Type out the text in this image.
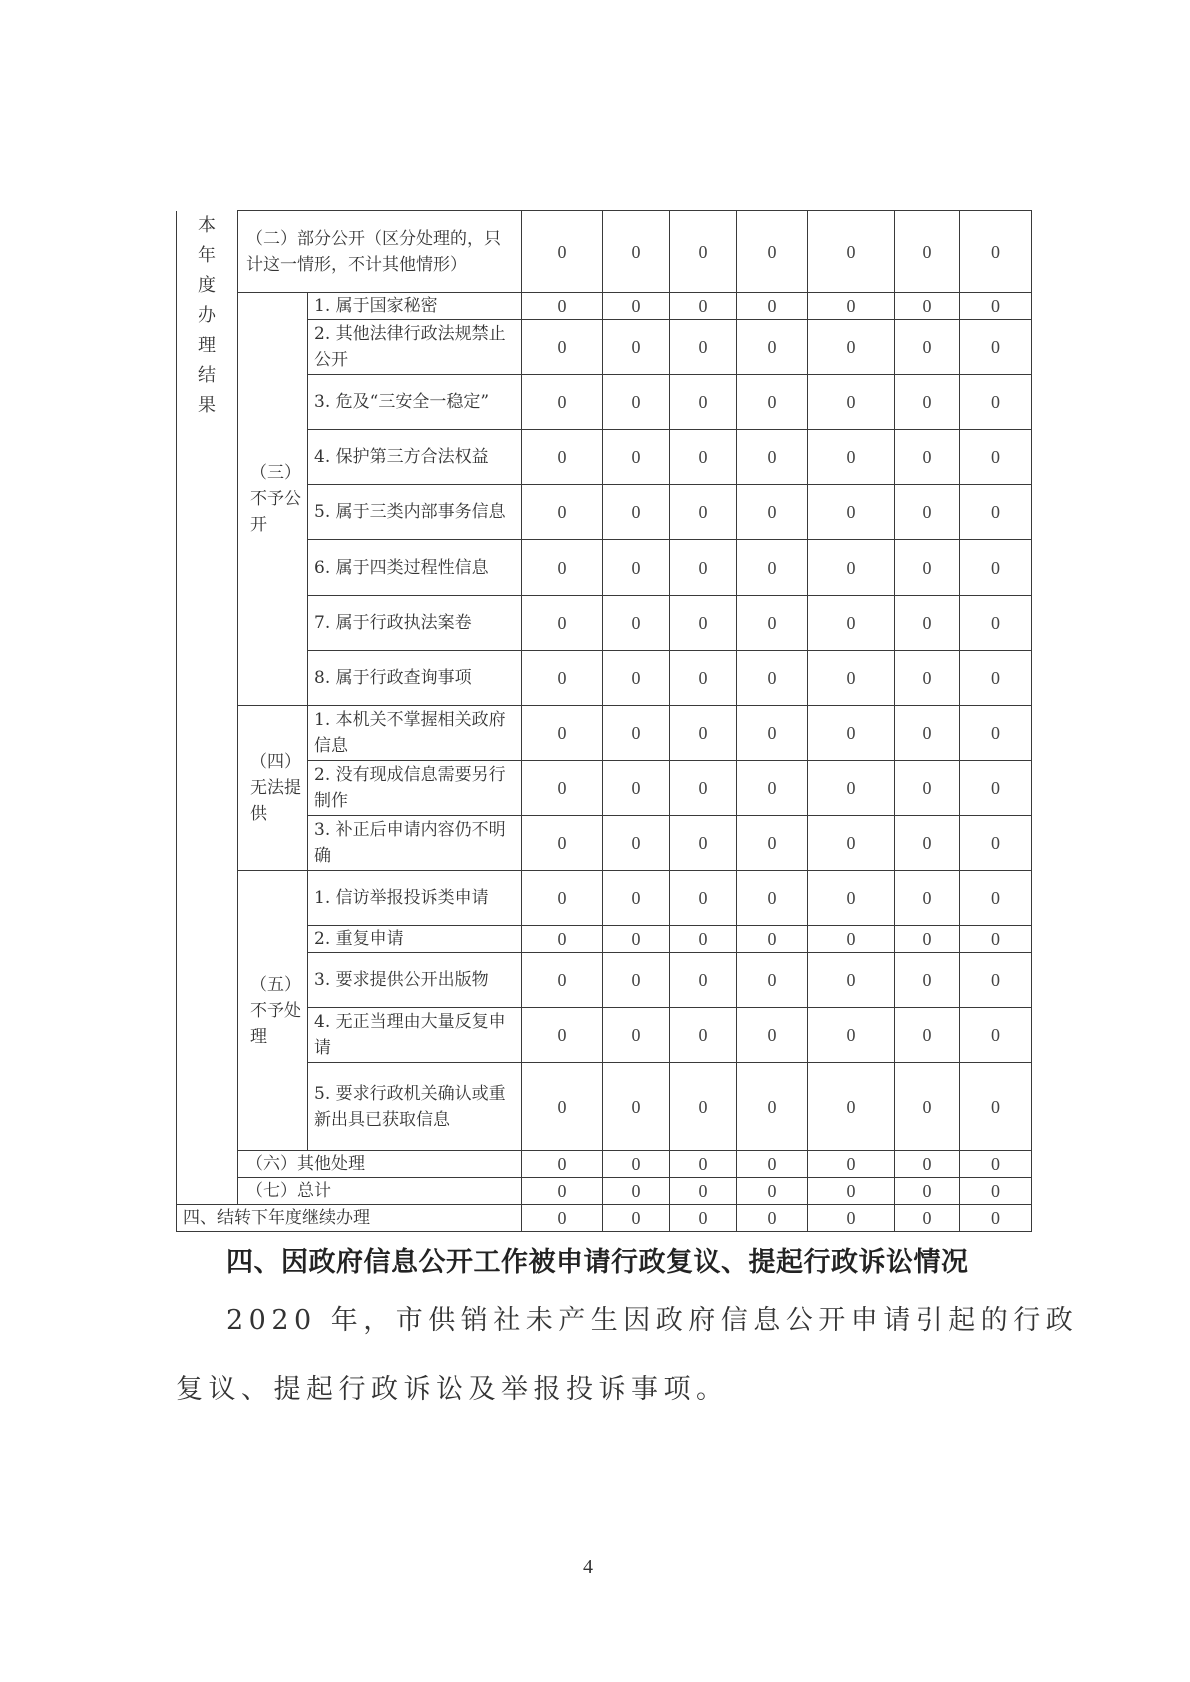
本年度办理结果	（二）部分公开（区分处理的，只计这一情形，不计其他情形）		0	0	0	0	0	0	0
	（三）不予公开	1. 属于国家秘密	0	0	0	0	0	0	0
		2. 其他法律行政法规禁止公开	0	0	0	0	0	0	0
		3. 危及“三安全一稳定”	0	0	0	0	0	0	0
		4. 保护第三方合法权益	0	0	0	0	0	0	0
		5. 属于三类内部事务信息	0	0	0	0	0	0	0
		6. 属于四类过程性信息	0	0	0	0	0	0	0
		7. 属于行政执法案卷	0	0	0	0	0	0	0
		8. 属于行政查询事项	0	0	0	0	0	0	0
	（四）无法提供	1. 本机关不掌握相关政府信息	0	0	0	0	0	0	0
		2. 没有现成信息需要另行制作	0	0	0	0	0	0	0
		3. 补正后申请内容仍不明确	0	0	0	0	0	0	0
	（五）不予处理	1. 信访举报投诉类申请	0	0	0	0	0	0	0
		2. 重复申请	0	0	0	0	0	0	0
		3. 要求提供公开出版物	0	0	0	0	0	0	0
		4. 无正当理由大量反复申请	0	0	0	0	0	0	0
		5. 要求行政机关确认或重新出具已获取信息	0	0	0	0	0	0	0
	（六）其他处理		0	0	0	0	0	0	0
	（七）总计		0	0	0	0	0	0	0
四、结转下年度继续办理			0	0	0	0	0	0	0
四、因政府信息公开工作被申请行政复议、提起行政诉讼情况
2020 年，市供销社未产生因政府信息公开申请引起的行政
复议、提起行政诉讼及举报投诉事项。
4
